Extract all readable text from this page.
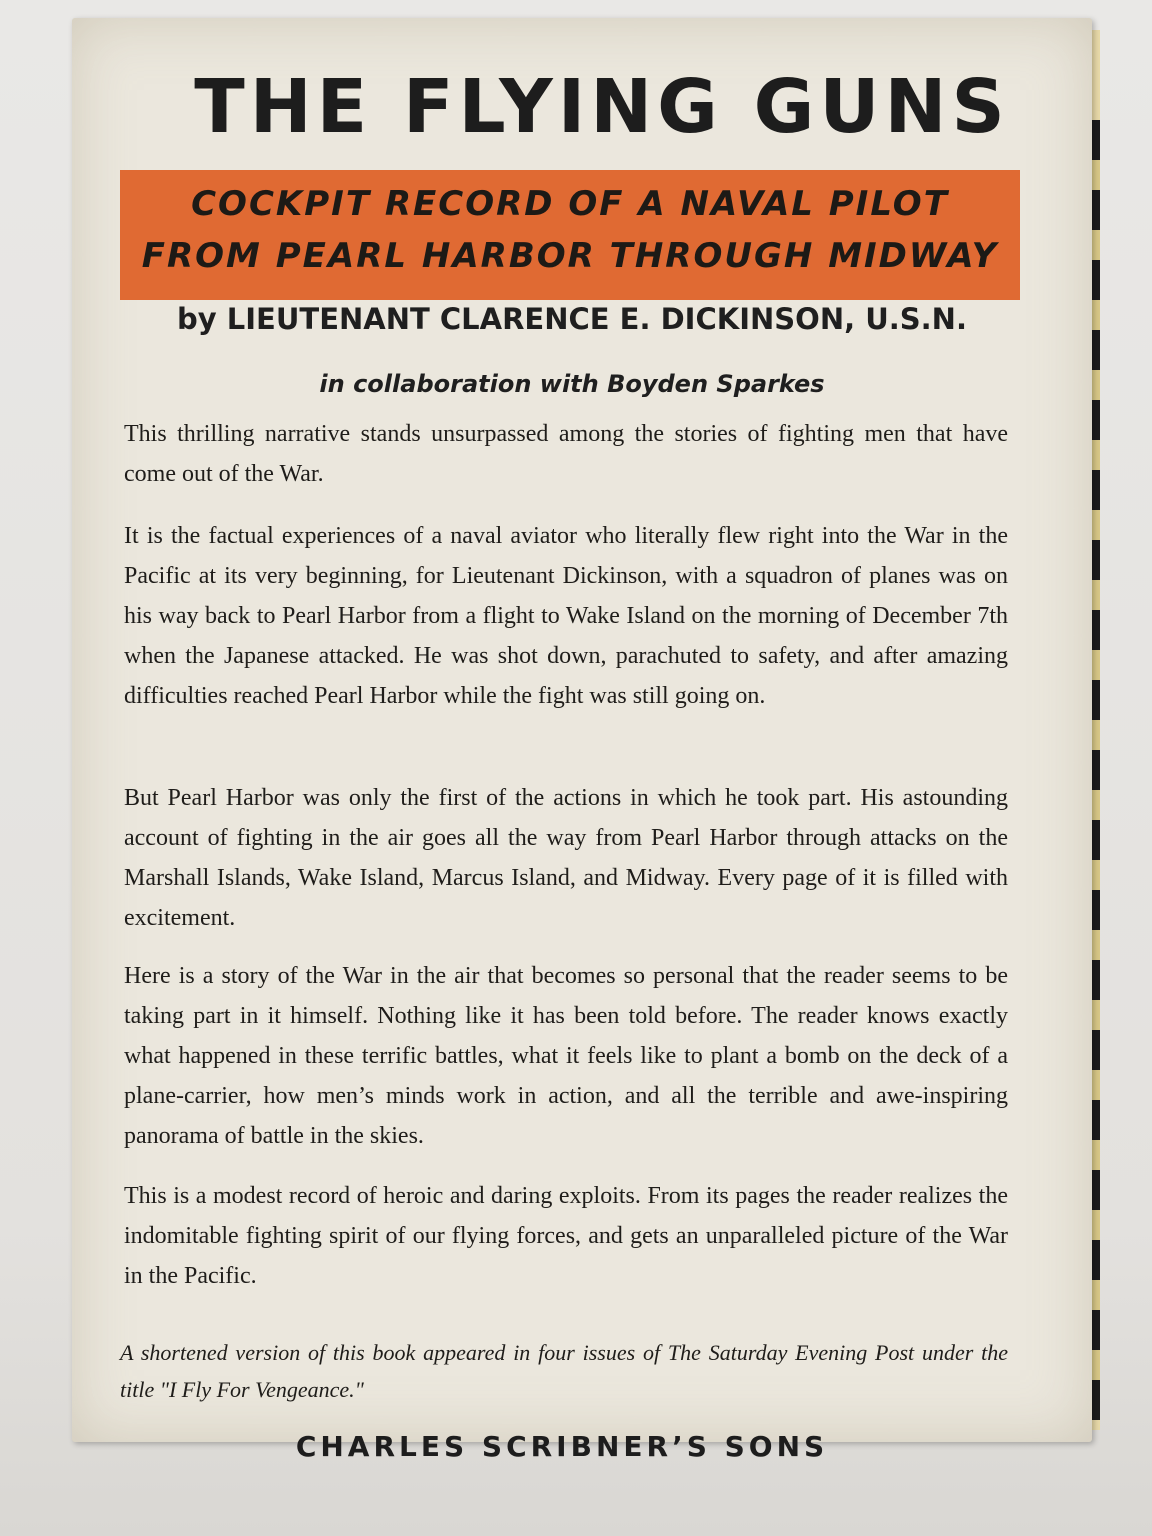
THE FLYING GUNS
COCKPIT RECORD OF A NAVAL PILOT
FROM PEARL HARBOR THROUGH MIDWAY
by LIEUTENANT CLARENCE E. DICKINSON, U.S.N.
in collaboration with Boyden Sparkes

This thrilling narrative stands unsurpassed among the stories of fighting men that have come out of the War.

It is the factual experiences of a naval aviator who literally flew right into the War in the Pacific at its very beginning, for Lieutenant Dickinson, with a squadron of planes was on his way back to Pearl Harbor from a flight to Wake Island on the morning of December 7th when the Japanese attacked. He was shot down, parachuted to safety, and after amazing difficulties reached Pearl Harbor while the fight was still going on.

But Pearl Harbor was only the first of the actions in which he took part. His astounding account of fighting in the air goes all the way from Pearl Harbor through attacks on the Marshall Islands, Wake Island, Marcus Island, and Midway. Every page of it is filled with excitement.

Here is a story of the War in the air that becomes so personal that the reader seems to be taking part in it himself. Nothing like it has been told before. The reader knows exactly what happened in these terrific battles, what it feels like to plant a bomb on the deck of a plane-carrier, how men’s minds work in action, and all the terrible and awe-inspiring panorama of battle in the skies.

This is a modest record of heroic and daring exploits. From its pages the reader realizes the indomitable fighting spirit of our flying forces, and gets an unparalleled picture of the War in the Pacific.

A shortened version of this book appeared in four issues of The Saturday Evening Post under the title "I Fly For Vengeance."

CHARLES SCRIBNER’S SONS
